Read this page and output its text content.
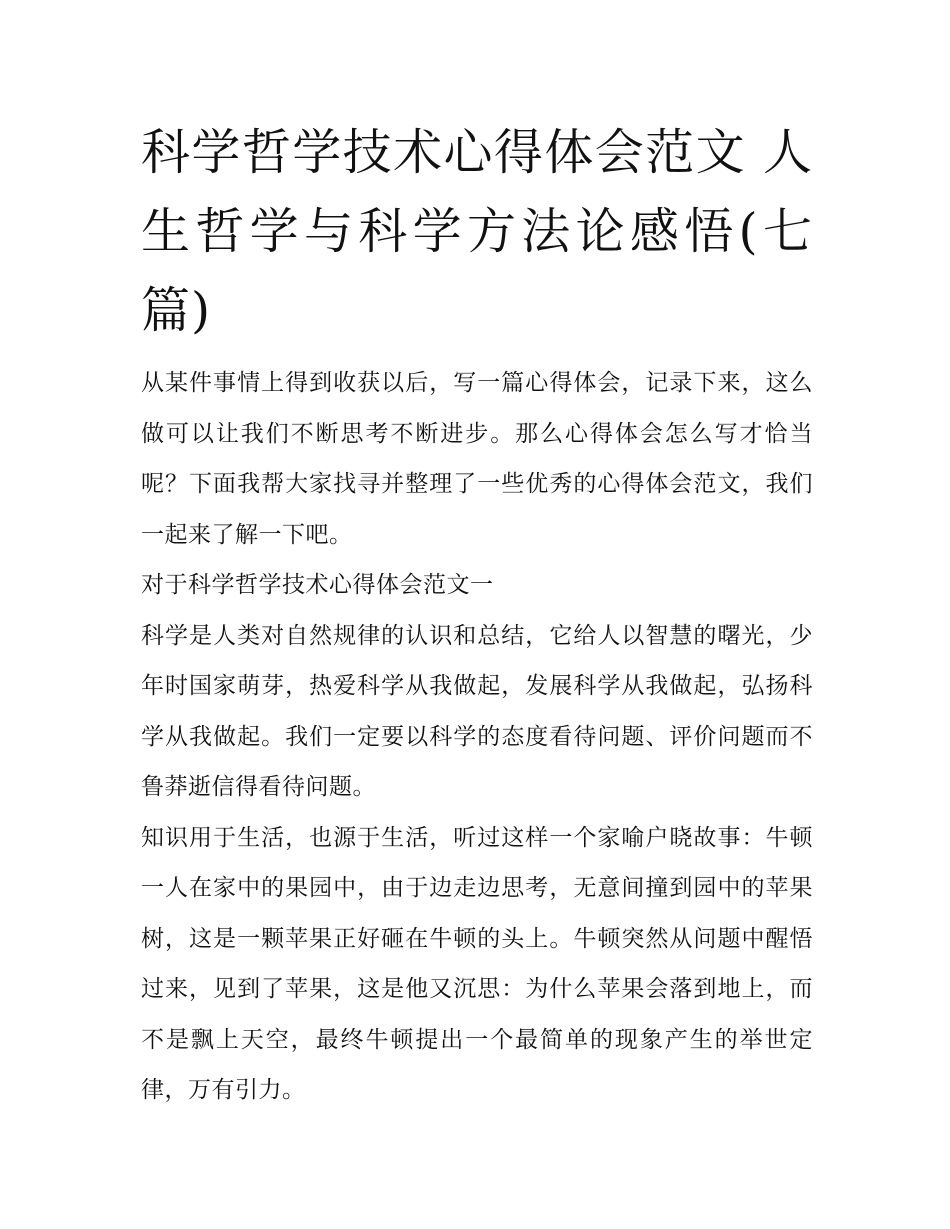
科学哲学技术心得体会范文 人生哲学与科学方法论感悟(七篇)

从某件事情上得到收获以后，写一篇心得体会，记录下来，这么做可以让我们不断思考不断进步。那么心得体会怎么写才恰当呢？下面我帮大家找寻并整理了一些优秀的心得体会范文，我们一起来了解一下吧。

对于科学哲学技术心得体会范文一

科学是人类对自然规律的认识和总结，它给人以智慧的曙光，少年时国家萌芽，热爱科学从我做起，发展科学从我做起，弘扬科学从我做起。我们一定要以科学的态度看待问题、评价问题而不鲁莽逝信得看待问题。

知识用于生活，也源于生活，听过这样一个家喻户晓故事：牛顿一人在家中的果园中，由于边走边思考，无意间撞到园中的苹果树，这是一颗苹果正好砸在牛顿的头上。牛顿突然从问题中醒悟过来，见到了苹果，这是他又沉思：为什么苹果会落到地上，而不是飘上天空，最终牛顿提出一个最简单的现象产生的举世定律，万有引力。
